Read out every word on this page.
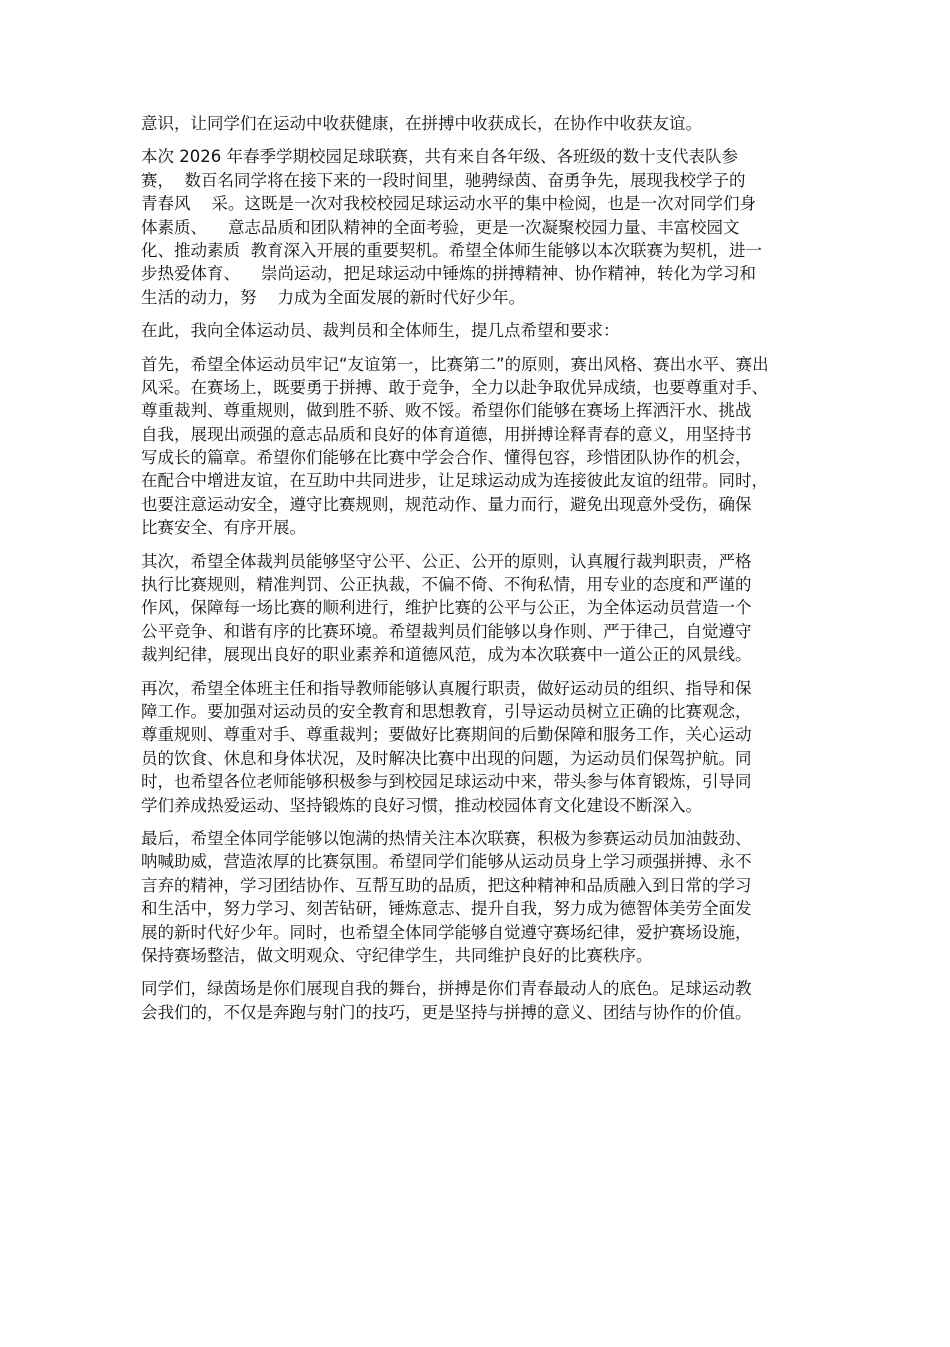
意识，让同学们在运动中收获健康，在拼搏中收获成长，在协作中收获友谊。
本次 2026 年春季学期校园足球联赛，共有来自各年级、各班级的数十支代表队参
赛，  数百名同学将在接下来的一段时间里，驰骋绿茵、奋勇争先，展现我校学子的
青春风    采。这既是一次对我校校园足球运动水平的集中检阅，也是一次对同学们身
体素质、    意志品质和团队精神的全面考验，更是一次凝聚校园力量、丰富校园文
化、推动素质  教育深入开展的重要契机。希望全体师生能够以本次联赛为契机，进一
步热爱体育、    崇尚运动，把足球运动中锤炼的拼搏精神、协作精神，转化为学习和
生活的动力，努    力成为全面发展的新时代好少年。
在此，我向全体运动员、裁判员和全体师生，提几点希望和要求：
首先，希望全体运动员牢记“友谊第一，比赛第二”的原则，赛出风格、赛出水平、赛出
风采。在赛场上，既要勇于拼搏、敢于竞争，全力以赴争取优异成绩，也要尊重对手、
尊重裁判、尊重规则，做到胜不骄、败不馁。希望你们能够在赛场上挥洒汗水、挑战
自我，展现出顽强的意志品质和良好的体育道德，用拼搏诠释青春的意义，用坚持书
写成长的篇章。希望你们能够在比赛中学会合作、懂得包容，珍惜团队协作的机会，
在配合中增进友谊，在互助中共同进步，让足球运动成为连接彼此友谊的纽带。同时，
也要注意运动安全，遵守比赛规则，规范动作、量力而行，避免出现意外受伤，确保
比赛安全、有序开展。
其次，希望全体裁判员能够坚守公平、公正、公开的原则，认真履行裁判职责，严格
执行比赛规则，精准判罚、公正执裁，不偏不倚、不徇私情，用专业的态度和严谨的
作风，保障每一场比赛的顺利进行，维护比赛的公平与公正，为全体运动员营造一个
公平竞争、和谐有序的比赛环境。希望裁判员们能够以身作则、严于律己，自觉遵守
裁判纪律，展现出良好的职业素养和道德风范，成为本次联赛中一道公正的风景线。
再次，希望全体班主任和指导教师能够认真履行职责，做好运动员的组织、指导和保
障工作。要加强对运动员的安全教育和思想教育，引导运动员树立正确的比赛观念，
尊重规则、尊重对手、尊重裁判；要做好比赛期间的后勤保障和服务工作，关心运动
员的饮食、休息和身体状况，及时解决比赛中出现的问题，为运动员们保驾护航。同
时，也希望各位老师能够积极参与到校园足球运动中来，带头参与体育锻炼，引导同
学们养成热爱运动、坚持锻炼的良好习惯，推动校园体育文化建设不断深入。
最后，希望全体同学能够以饱满的热情关注本次联赛，积极为参赛运动员加油鼓劲、
呐喊助威，营造浓厚的比赛氛围。希望同学们能够从运动员身上学习顽强拼搏、永不
言弃的精神，学习团结协作、互帮互助的品质，把这种精神和品质融入到日常的学习
和生活中，努力学习、刻苦钻研，锤炼意志、提升自我，努力成为德智体美劳全面发
展的新时代好少年。同时，也希望全体同学能够自觉遵守赛场纪律，爱护赛场设施，
保持赛场整洁，做文明观众、守纪律学生，共同维护良好的比赛秩序。
同学们，绿茵场是你们展现自我的舞台，拼搏是你们青春最动人的底色。足球运动教
会我们的，不仅是奔跑与射门的技巧，更是坚持与拼搏的意义、团结与协作的价值。
